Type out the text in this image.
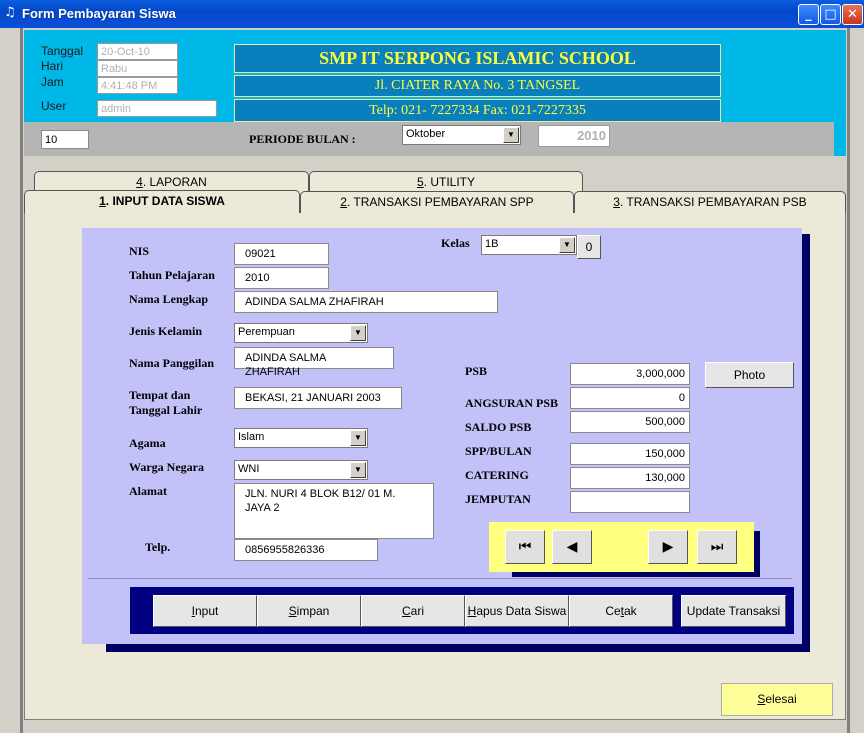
♫ Form Pembayaran Siswa	_ □ ✕
Tanggal	20-Oct-10
Hari	Rabu
Jam	4:41:48 PM
User	admin
SMP IT SERPONG ISLAMIC SCHOOL
Jl. CIATER RAYA No. 3 TANGSEL
Telp: 021- 7227334 Fax: 021-7227335
10	PERIODE BULAN :	Oktober	▼	2010
4. LAPORAN	5. UTILITY
2. TRANSAKSI PEMBAYARAN SPP	3. TRANSAKSI PEMBAYARAN PSB
1. INPUT DATA SISWA
NIS	09021
Tahun Pelajaran	2010
Nama Lengkap	ADINDA SALMA ZHAFIRAH
Jenis Kelamin	Perempuan	▼
Nama Panggilan	ADINDA SALMA ZHAFIRAH
Tempat dan
Tanggal Lahir
BEKASI, 21 JANUARI 2003
Agama	Islam	▼
Warga Negara	WNI	▼
Alamat	JLN. NURI 4 BLOK B12/ 01 M. JAYA 2
Telp.	0856955826336
Kelas	1B	▼	0
Photo
PSB	3,000,000
ANGSURAN PSB	0
SALDO PSB	500,000
SPP/BULAN	150,000
CATERING	130,000
JEMPUTAN
⏮	◀	▶	⏭
Input	Simpan	Cari	Hapus Data Siswa	Cetak	Update Transaksi
Selesai
